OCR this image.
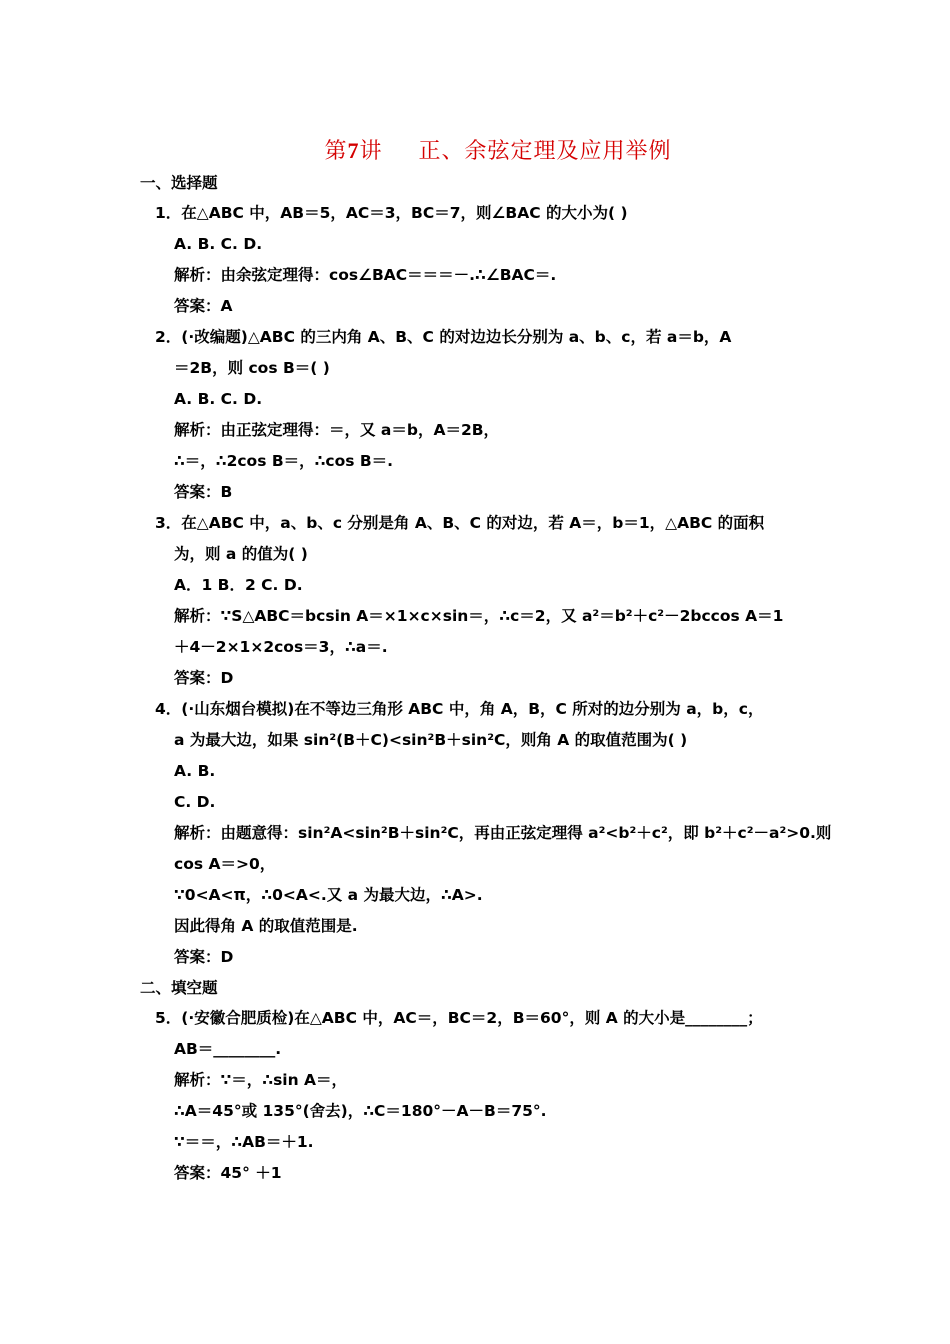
第7讲 正、余弦定理及应用举例
一、选择题
1．在△ABC 中，AB＝5，AC＝3，BC＝7，则∠BAC 的大小为( )
A. B. C. D.
解析：由余弦定理得：cos∠BAC＝＝＝－.∴∠BAC＝.
答案：A
2．(·改编题)△ABC 的三内角 A、B、C 的对边边长分别为 a、b、c，若 a＝b，A
＝2B，则 cos B＝( )
A. B. C. D.
解析：由正弦定理得：＝，又 a＝b，A＝2B，
∴＝，∴2cos B＝，∴cos B＝.
答案：B
3．在△ABC 中，a、b、c 分别是角 A、B、C 的对边，若 A＝，b＝1，△ABC 的面积
为，则 a 的值为( )
A．1 B．2 C. D.
解析：∵S△ABC＝bcsin A＝×1×c×sin＝，∴c＝2，又 a²＝b²＋c²－2bccos A＝1
＋4－2×1×2cos＝3，∴a＝.
答案：D
4．(·山东烟台模拟)在不等边三角形 ABC 中，角 A，B，C 所对的边分别为 a，b，c，
a 为最大边，如果 sin²(B＋C)<sin²B＋sin²C，则角 A 的取值范围为( )
A. B.
C. D.
解析：由题意得：sin²A<sin²B＋sin²C，再由正弦定理得 a²<b²＋c²，即 b²＋c²－a²>0.则
cos A＝>0，
∵0<A<π，∴0<A<.又 a 为最大边，∴A>.
因此得角 A 的取值范围是.
答案：D
二、填空题
5．(·安徽合肥质检)在△ABC 中，AC＝，BC＝2，B＝60°，则 A 的大小是________；
AB＝________.
解析：∵＝，∴sin A＝，
∴A＝45°或 135°(舍去)，∴C＝180°－A－B＝75°.
∵＝＝，∴AB＝＋1.
答案：45° ＋1
